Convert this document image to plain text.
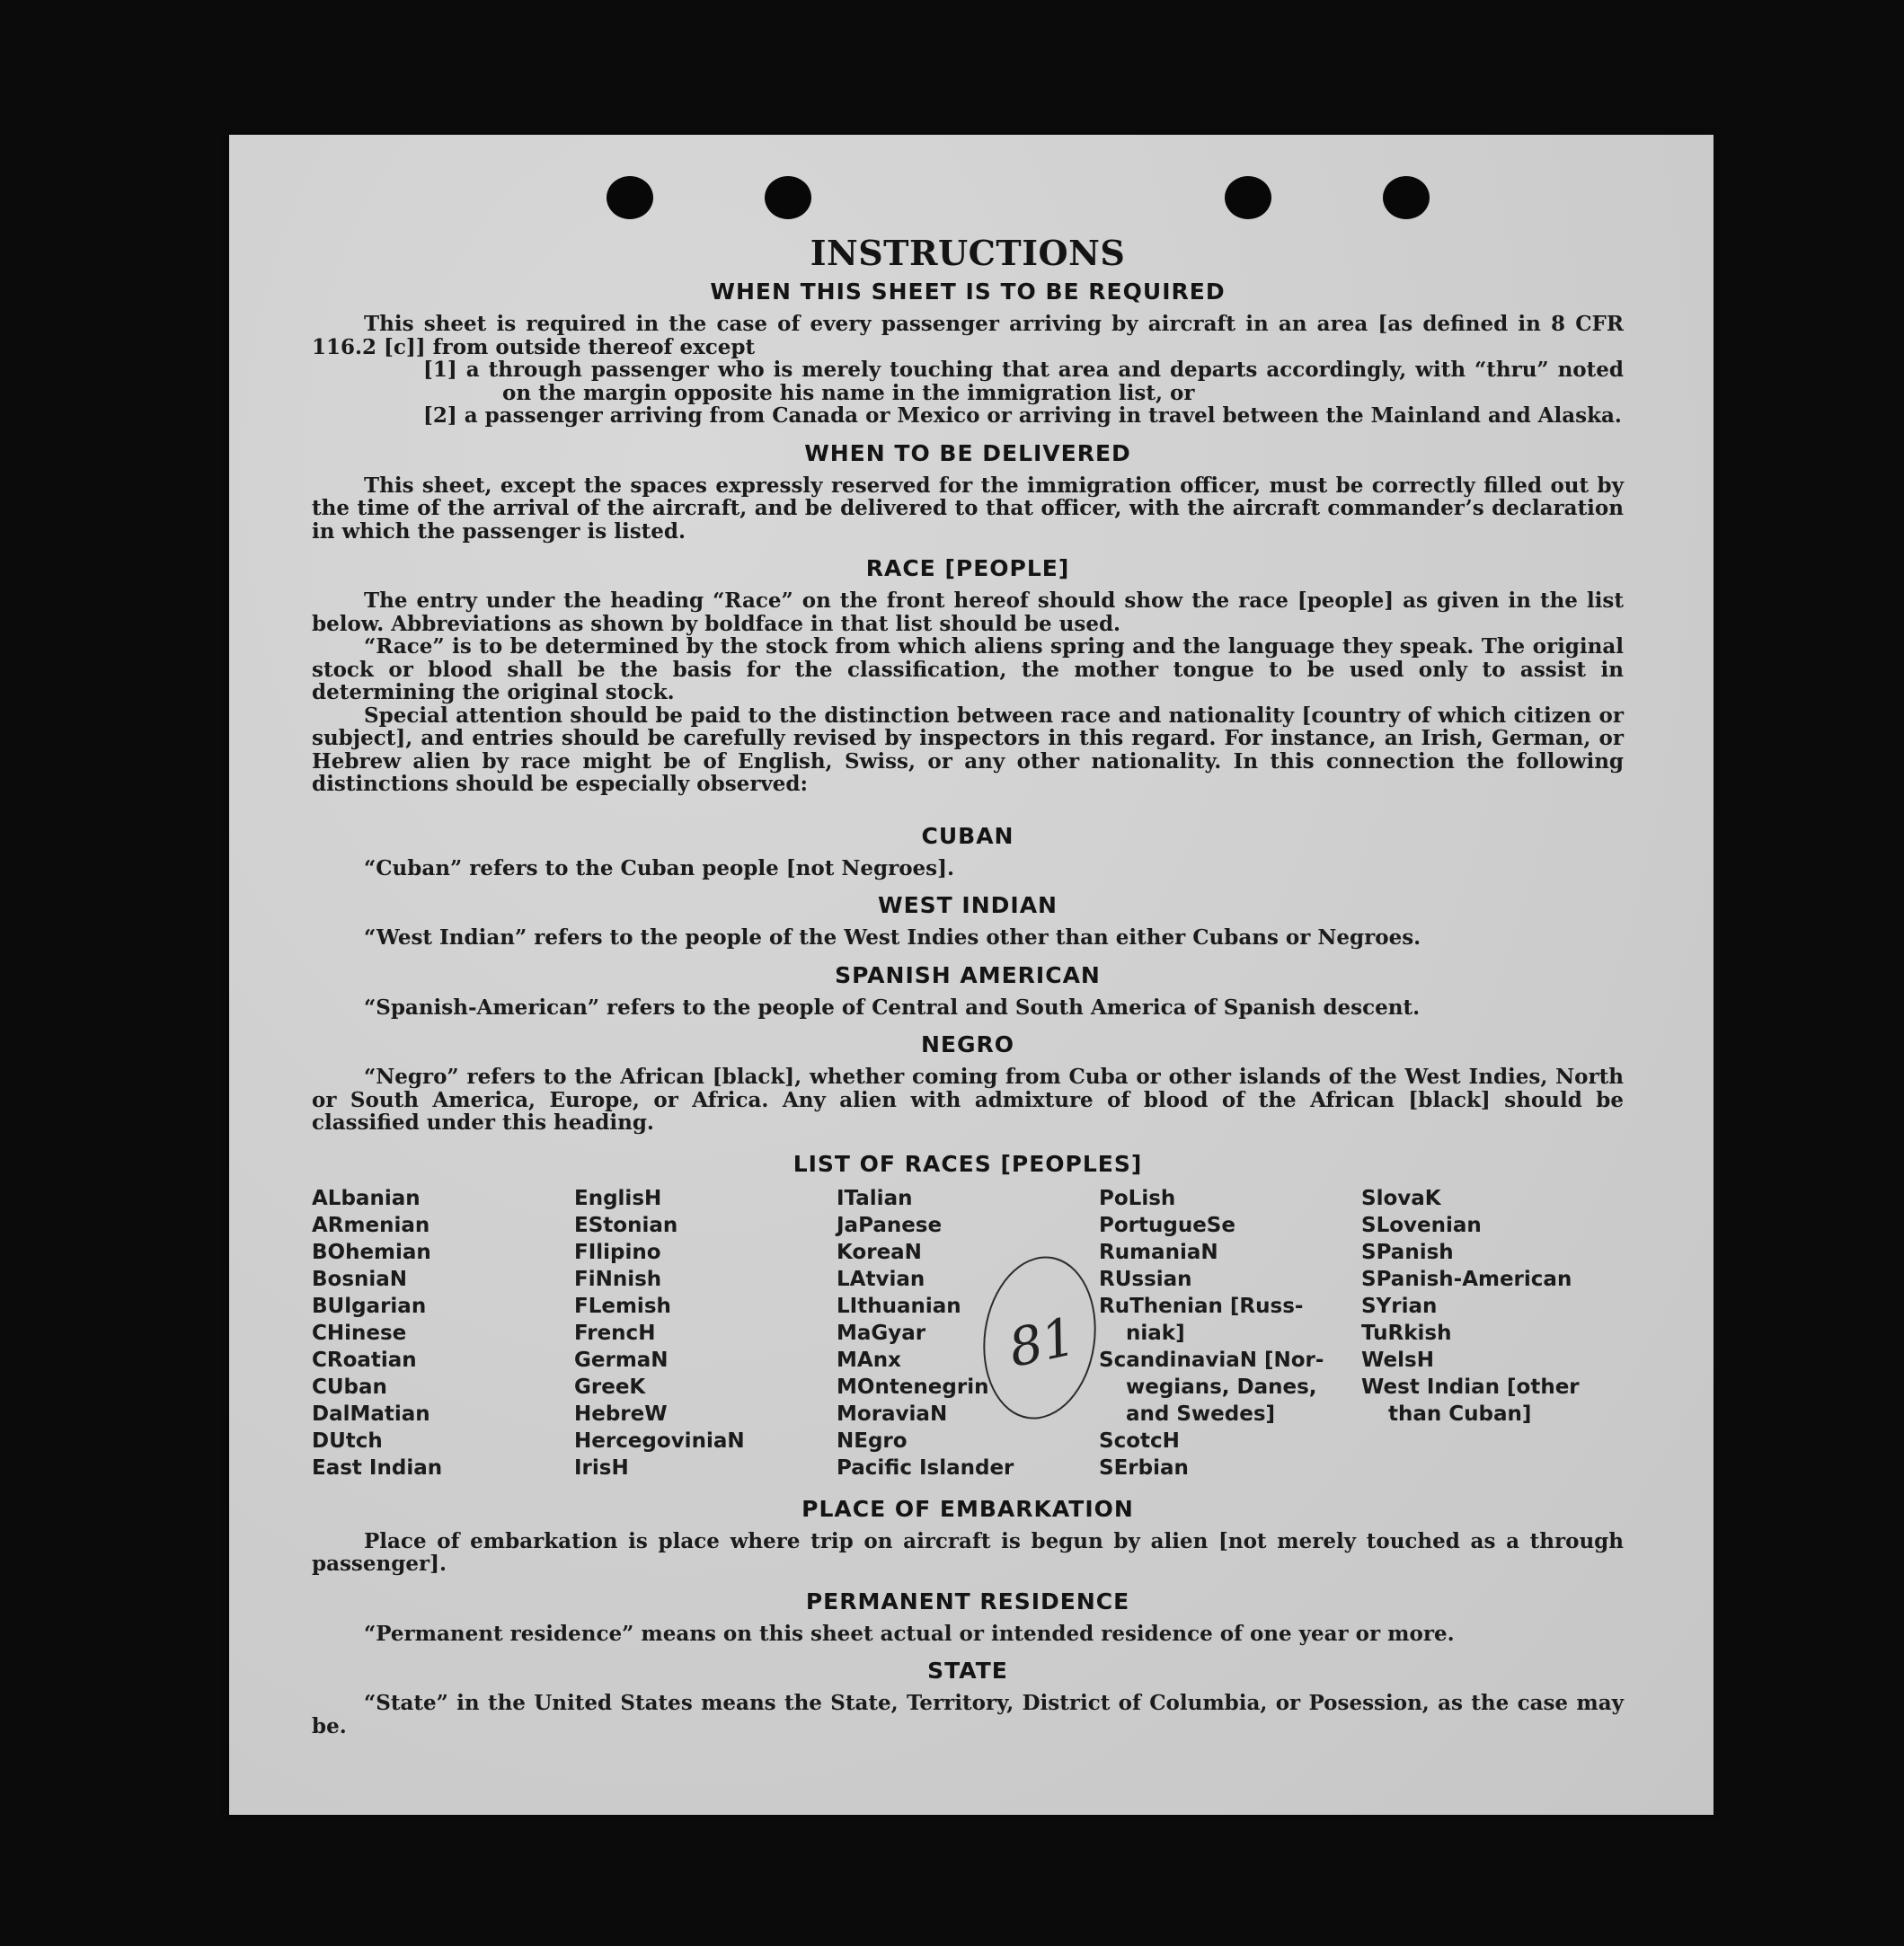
INSTRUCTIONS
WHEN THIS SHEET IS TO BE REQUIRED

This sheet is required in the case of every passenger arriving by aircraft in an area [as defined in 8 CFR 116.2 [c]] from outside thereof except

[1] a through passenger who is merely touching that area and departs accordingly, with “thru” noted on the margin opposite his name in the immigration list, or

[2] a passenger arriving from Canada or Mexico or arriving in travel between the Mainland and Alaska.

WHEN TO BE DELIVERED

This sheet, except the spaces expressly reserved for the immigration officer, must be correctly filled out by the time of the arrival of the aircraft, and be delivered to that officer, with the aircraft commander’s declaration in which the passenger is listed.

RACE [PEOPLE]

The entry under the heading “Race” on the front hereof should show the race [people] as given in the list below. Abbreviations as shown by boldface in that list should be used.

“Race” is to be determined by the stock from which aliens spring and the language they speak. The original stock or blood shall be the basis for the classification, the mother tongue to be used only to assist in determining the original stock.

Special attention should be paid to the distinction between race and nationality [country of which citizen or subject], and entries should be carefully revised by inspectors in this regard. For instance, an Irish, German, or Hebrew alien by race might be of English, Swiss, or any other nationality. In this connection the following distinctions should be especially observed:

CUBAN

“Cuban” refers to the Cuban people [not Negroes].

WEST INDIAN

“West Indian” refers to the people of the West Indies other than either Cubans or Negroes.

SPANISH AMERICAN

“Spanish-American” refers to the people of Central and South America of Spanish descent.

NEGRO

“Negro” refers to the African [black], whether coming from Cuba or other islands of the West Indies, North or South America, Europe, or Africa. Any alien with admixture of blood of the African [black] should be classified under this heading.

LIST OF RACES [PEOPLES]
ALbanian
ARmenian
BOhemian
BosniaN
BUlgarian
CHinese
CRoatian
CUban
DalMatian
DUtch
East Indian
EnglisH
EStonian
FIlipino
FiNnish
FLemish
FrencH
GermaN
GreeK
HebreW
HercegoviniaN
IrisH
ITalian
JaPanese
KoreaN
LAtvian
LIthuanian
MaGyar
MAnx
MOntenegrin
MoraviaN
NEgro
Pacific Islander
PoLish
PortugueSe
RumaniaN
RUssian
RuThenian [Russ-
niak]
ScandinaviaN [Nor-
wegians, Danes,
and Swedes]
ScotcH
SErbian
SlovaK
SLovenian
SPanish
SPanish-American
SYrian
TuRkish
WelsH
West Indian [other
than Cuban]
PLACE OF EMBARKATION

Place of embarkation is place where trip on aircraft is begun by alien [not merely touched as a through passenger].

PERMANENT RESIDENCE

“Permanent residence” means on this sheet actual or intended residence of one year or more.

STATE

“State” in the United States means the State, Territory, District of Columbia, or Posession, as the case may be.

81
